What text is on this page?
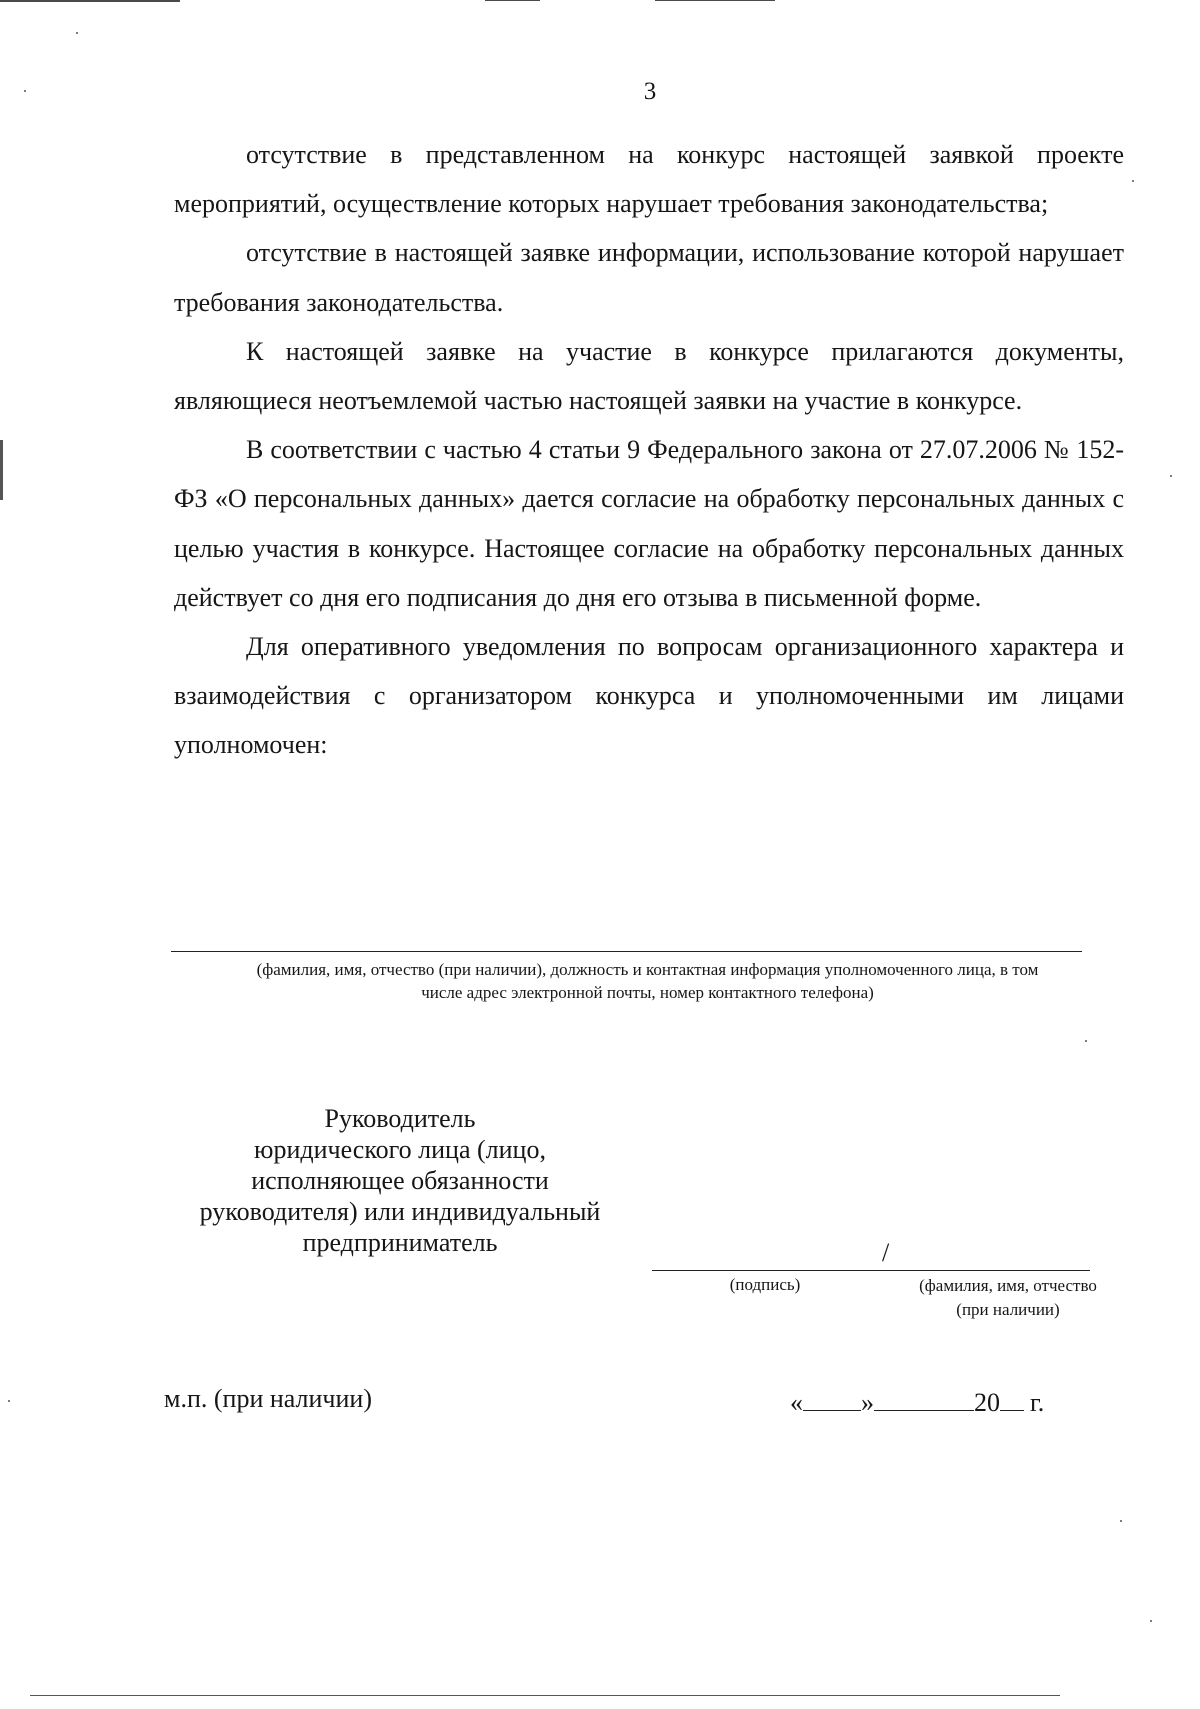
3

отсутствие в представленном на конкурс настоящей заявкой проекте мероприятий, осуществление которых нарушает требования законодательства;

отсутствие в настоящей заявке информации, использование которой нарушает требования законодательства.

К настоящей заявке на участие в конкурсе прилагаются документы, являющиеся неотъемлемой частью настоящей заявки на участие в конкурсе.

В соответствии с частью 4 статьи 9 Федерального закона от 27.07.2006 № 152-ФЗ «О персональных данных» дается согласие на обработку персональных данных с целью участия в конкурсе. Настоящее согласие на обработку персональных данных действует со дня его подписания до дня его отзыва в письменной форме.

Для оперативного уведомления по вопросам организационного характера и взаимодействия с организатором конкурса и уполномоченными им лицами уполномочен:

(фамилия, имя, отчество (при наличии), должность и контактная информация уполномоченного лица, в том
числе адрес электронной почты, номер контактного телефона)
Руководитель
юридического лица (лицо,
исполняющее обязанности
руководителя) или индивидуальный
предприниматель	/
(подпись)	(фамилия, имя, отчество
(при наличии)
м.п. (при наличии)	« »	20 г.
